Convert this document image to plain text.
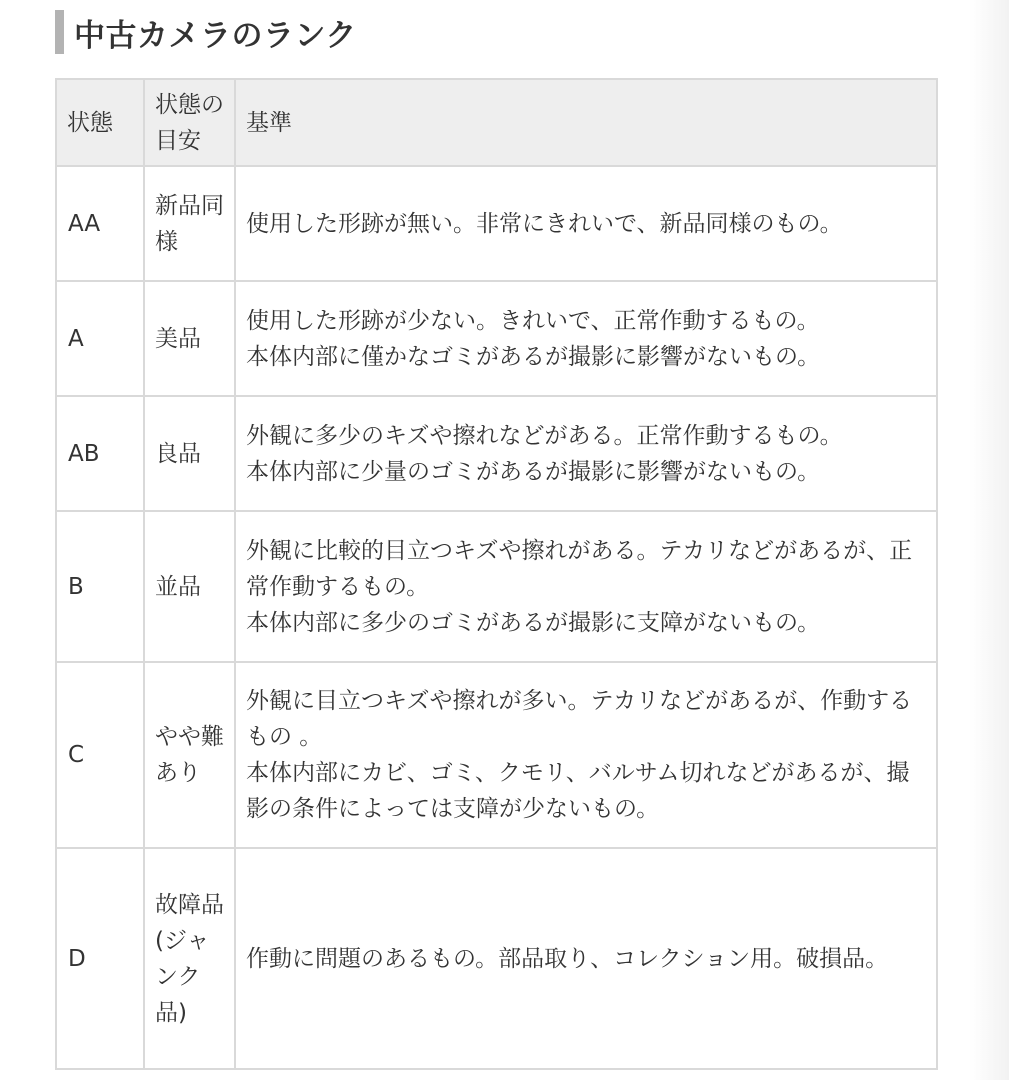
中古カメラのランク
状態	状態の目安	基準
AA	新品同様	使用した形跡が無い。非常にきれいで、新品同様のもの。
A	美品	使用した形跡が少ない。きれいで、正常作動するもの。
本体内部に僅かなゴミがあるが撮影に影響がないもの。
AB	良品	外観に多少のキズや擦れなどがある。正常作動するもの。
本体内部に少量のゴミがあるが撮影に影響がないもの。
B	並品	外観に比較的目立つキズや擦れがある。テカリなどがあるが、正常作動するもの。
本体内部に多少のゴミがあるが撮影に支障がないもの。
C	やや難あり	外観に目立つキズや擦れが多い。テカリなどがあるが、作動するもの 。
本体内部にカビ、ゴミ、クモリ、バルサム切れなどがあるが、撮影の条件によっては支障が少ないもの。
D	故障品(ジャンク品)	作動に問題のあるもの。部品取り、コレクション用。破損品。
